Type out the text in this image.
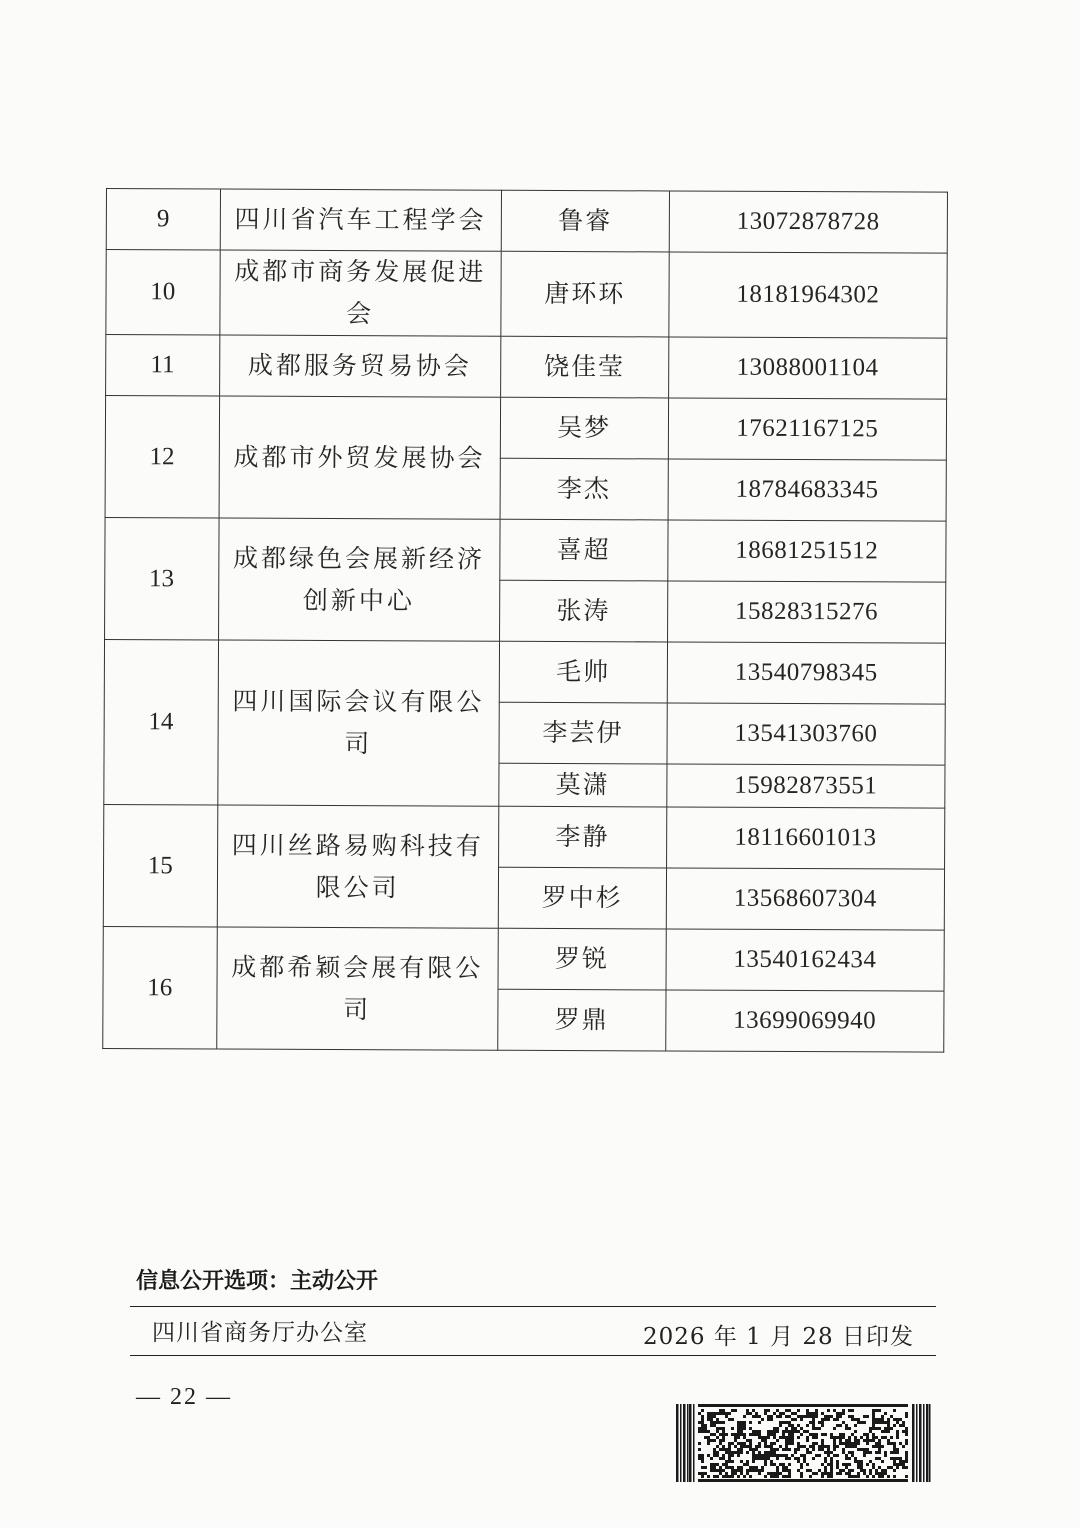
9	四川省汽车工程学会	鲁睿	13072878728
10	成都市商务发展促进会	唐环环	18181964302
11	成都服务贸易协会	饶佳莹	13088001104
12	成都市外贸发展协会	吴梦	17621167125
		李杰	18784683345
13	成都绿色会展新经济创新中心	喜超	18681251512
		张涛	15828315276
14	四川国际会议有限公司	毛帅	13540798345
		李芸伊	13541303760
		莫潇	15982873551
15	四川丝路易购科技有限公司	李静	18116601013
		罗中杉	13568607304
16	成都希颖会展有限公司	罗锐	13540162434
		罗鼎	13699069940
信息公开选项：主动公开
四川省商务厅办公室	2026 年 1 月 28 日印发
— 22 —
